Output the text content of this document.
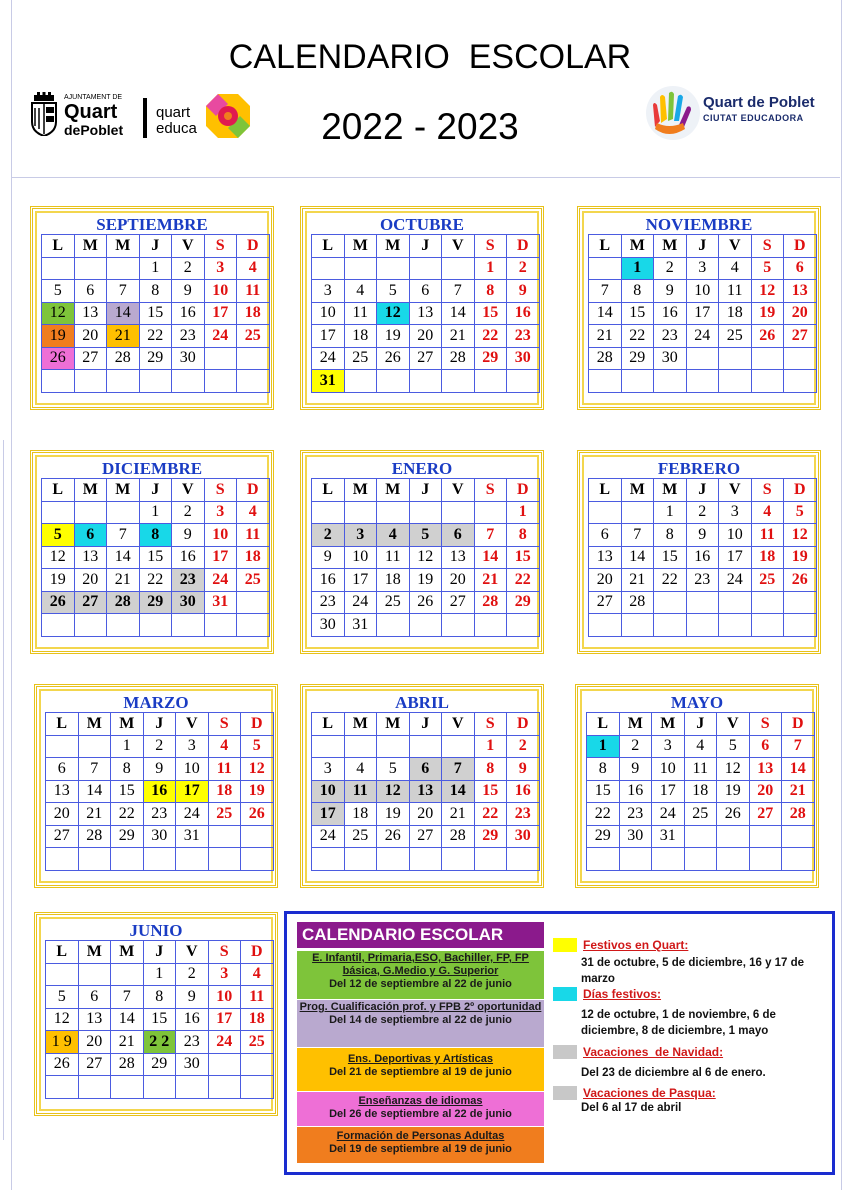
CALENDARIO  ESCOLAR
2022 - 2023
AJUNTAMENT DE
Quart
dePoblet
quart
educa
Quart de Poblet
CIUTAT EDUCADORA
SEPTIEMBRE
L	M	M	J	V	S	D
			1	2	3	4
5	6	7	8	9	10	11
12	13	14	15	16	17	18
19	20	21	22	23	24	25
26	27	28	29	30		

OCTUBRE
L	M	M	J	V	S	D
					1	2
3	4	5	6	7	8	9
10	11	12	13	14	15	16
17	18	19	20	21	22	23
24	25	26	27	28	29	30
31						
NOVIEMBRE
L	M	M	J	V	S	D
	1	2	3	4	5	6
7	8	9	10	11	12	13
14	15	16	17	18	19	20
21	22	23	24	25	26	27
28	29	30				

DICIEMBRE
L	M	M	J	V	S	D
			1	2	3	4
5	6	7	8	9	10	11
12	13	14	15	16	17	18
19	20	21	22	23	24	25
26	27	28	29	30	31	

ENERO
L	M	M	J	V	S	D
						1
2	3	4	5	6	7	8
9	10	11	12	13	14	15
16	17	18	19	20	21	22
23	24	25	26	27	28	29
30	31					
FEBRERO
L	M	M	J	V	S	D
		1	2	3	4	5
6	7	8	9	10	11	12
13	14	15	16	17	18	19
20	21	22	23	24	25	26
27	28					

MARZO
L	M	M	J	V	S	D
		1	2	3	4	5
6	7	8	9	10	11	12
13	14	15	16	17	18	19
20	21	22	23	24	25	26
27	28	29	30	31		

ABRIL
L	M	M	J	V	S	D
					1	2
3	4	5	6	7	8	9
10	11	12	13	14	15	16
17	18	19	20	21	22	23
24	25	26	27	28	29	30

MAYO
L	M	M	J	V	S	D
1	2	3	4	5	6	7
8	9	10	11	12	13	14
15	16	17	18	19	20	21
22	23	24	25	26	27	28
29	30	31				

JUNIO
L	M	M	J	V	S	D
			1	2	3	4
5	6	7	8	9	10	11
12	13	14	15	16	17	18
1 9	20	21	2 2	23	24	25
26	27	28	29	30		

CALENDARIO ESCOLAR
E. Infantil, Primaria,ESO, Bachiller, FP, FP básica, G.Medio y G. Superior
Del 12 de septiembre al 22 de junio
Prog. Cualificación prof. y FPB 2º oportunidad
Del 14 de septiembre al 22 de junio
Ens. Deportivas y Artísticas
Del 21 de septiembre al 19 de junio
Enseñanzas de idiomas
Del 26 de septiembre al 22 de junio
Formación de Personas Adultas
Del 19 de septiembre al 19 de junio
Festivos en Quart:
31 de octubre, 5 de diciembre, 16 y 17 de marzo
Días festivos:
12 de octubre, 1 de noviembre, 6 de diciembre, 8 de diciembre, 1 mayo
Vacaciones  de Navidad:
Del 23 de diciembre al 6 de enero.
Vacaciones de Pasqua:
Del 6 al 17 de abril
